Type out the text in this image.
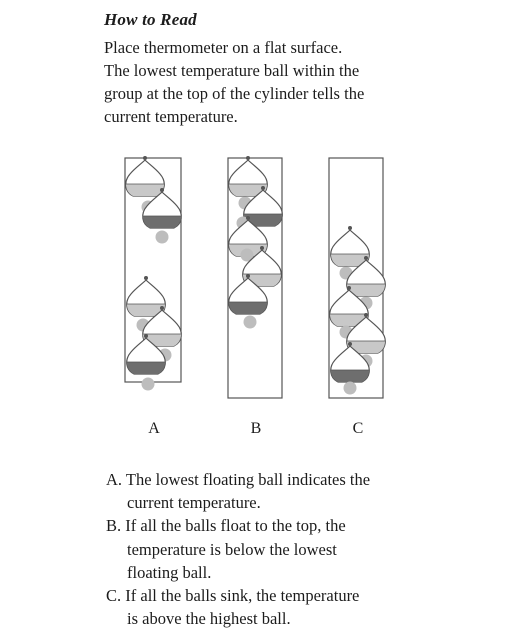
How to Read
Place thermometer on a flat surface.
The lowest temperature ball within the
group at the top of the cylinder tells the
current temperature.
A	B	C
A. The lowest floating ball indicates the
current temperature.
B. If all the balls float to the top, the
temperature is below the lowest
floating ball.
C. If all the balls sink, the temperature
is above the highest ball.
